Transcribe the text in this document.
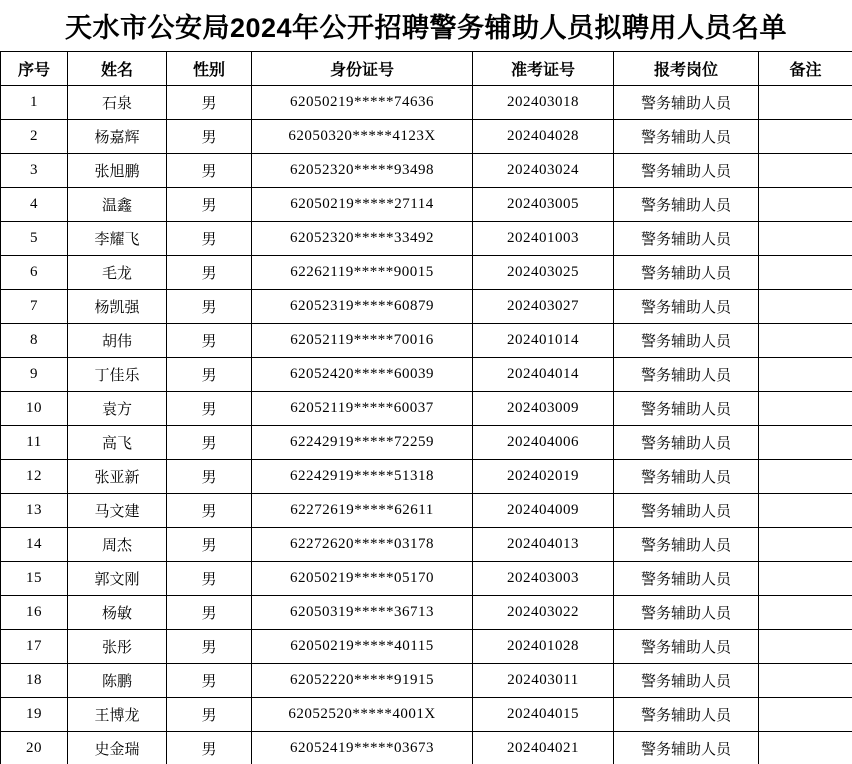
天水市公安局2024年公开招聘警务辅助人员拟聘用人员名单
序号	姓名	性别	身份证号	准考证号	报考岗位	备注
1	石泉	男	62050219*****74636	202403018	警务辅助人员	
2	杨嘉辉	男	62050320*****4123X	202404028	警务辅助人员	
3	张旭鹏	男	62052320*****93498	202403024	警务辅助人员	
4	温鑫	男	62050219*****27114	202403005	警务辅助人员	
5	李耀飞	男	62052320*****33492	202401003	警务辅助人员	
6	毛龙	男	62262119*****90015	202403025	警务辅助人员	
7	杨凯强	男	62052319*****60879	202403027	警务辅助人员	
8	胡伟	男	62052119*****70016	202401014	警务辅助人员	
9	丁佳乐	男	62052420*****60039	202404014	警务辅助人员	
10	袁方	男	62052119*****60037	202403009	警务辅助人员	
11	高飞	男	62242919*****72259	202404006	警务辅助人员	
12	张亚新	男	62242919*****51318	202402019	警务辅助人员	
13	马文建	男	62272619*****62611	202404009	警务辅助人员	
14	周杰	男	62272620*****03178	202404013	警务辅助人员	
15	郭文刚	男	62050219*****05170	202403003	警务辅助人员	
16	杨敏	男	62050319*****36713	202403022	警务辅助人员	
17	张彤	男	62050219*****40115	202401028	警务辅助人员	
18	陈鹏	男	62052220*****91915	202403011	警务辅助人员	
19	王博龙	男	62052520*****4001X	202404015	警务辅助人员	
20	史金瑞	男	62052419*****03673	202404021	警务辅助人员	
